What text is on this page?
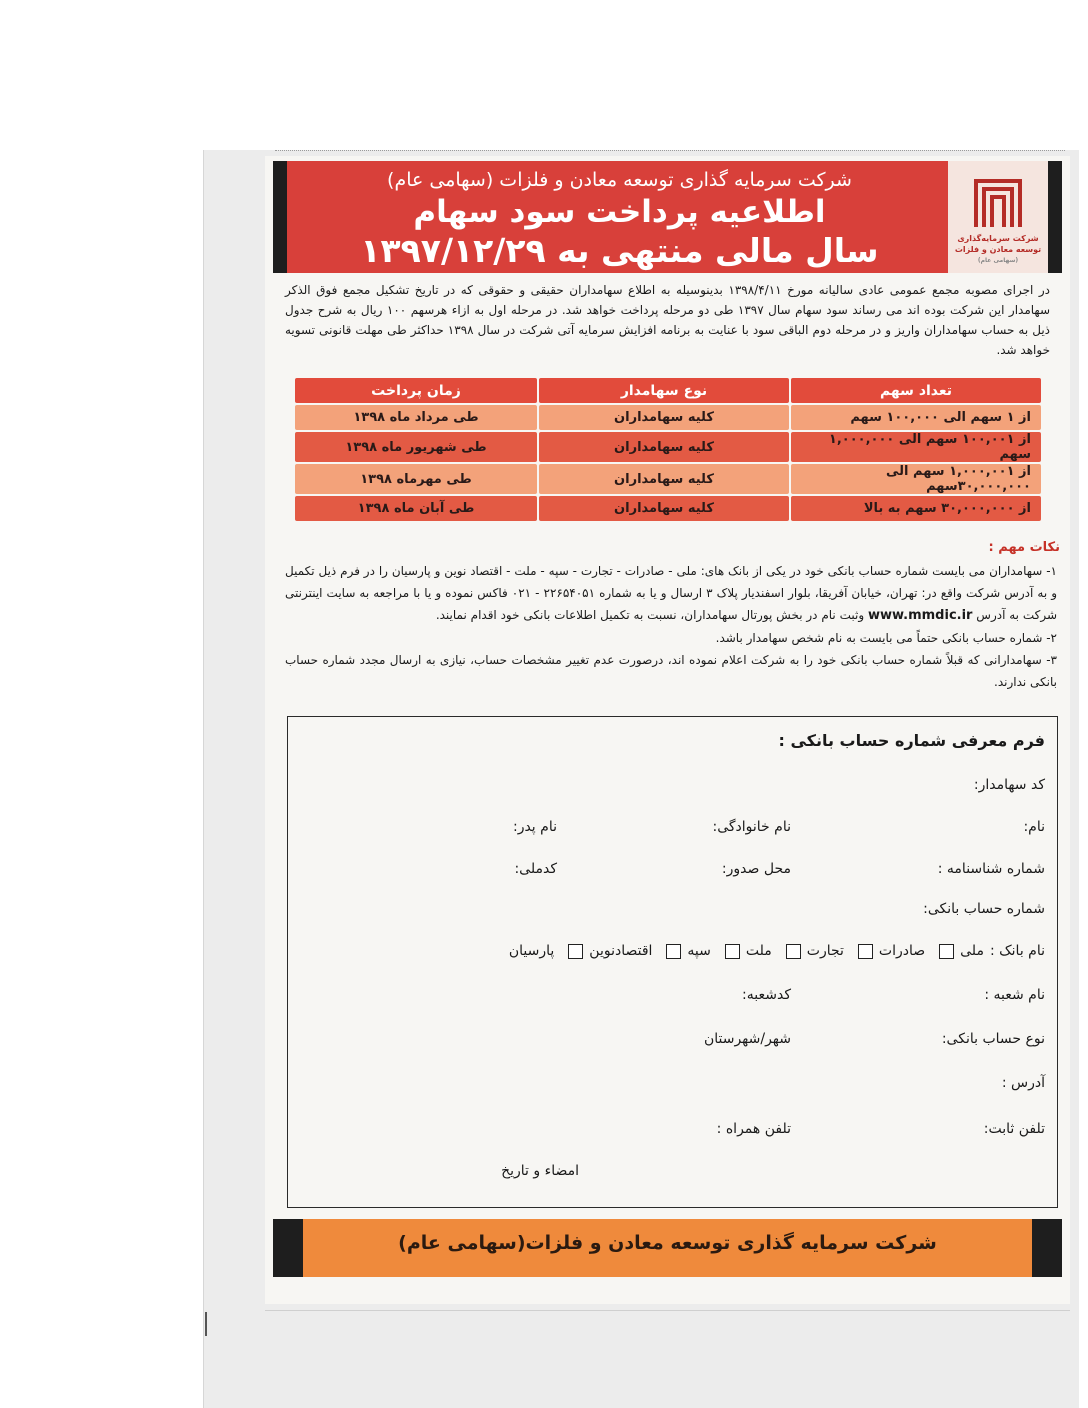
شرکت سرمایه‌گذاری
توسعه معادن و فلزات
(سهامی عام)
شرکت سرمایه گذاری توسعه معادن و فلزات (سهامی عام)
اطلاعیه پرداخت سود سهام
سال مالی منتهی به ۱۳۹۷/۱۲/۲۹
در اجرای مصوبه مجمع عمومی عادی سالیانه مورخ ۱۳۹۸/۴/۱۱ بدینوسیله به اطلاع سهامداران حقیقی و حقوقی که در تاریخ تشکیل مجمع فوق الذکر سهامدار این شرکت بوده اند می رساند سود سهام سال ۱۳۹۷ طی دو مرحله پرداخت خواهد شد. در مرحله اول به ازاء هرسهم ۱۰۰ ریال به شرح جدول ذیل به حساب سهامداران واریز و در مرحله دوم الباقی سود با عنایت به برنامه افزایش سرمایه آتی شرکت در سال ۱۳۹۸ حداکثر طی مهلت قانونی تسویه خواهد شد.
تعداد سهم	نوع سهامدار	زمان پرداخت
از ۱ سهم الی ۱۰۰,۰۰۰ سهم	کلیه سهامداران	طی مرداد ماه ۱۳۹۸
از ۱۰۰,۰۰۱ سهم الی ۱,۰۰۰,۰۰۰ سهم	کلیه سهامداران	طی شهریور ماه ۱۳۹۸
از ۱,۰۰۰,۰۰۱ سهم الی ۳۰,۰۰۰,۰۰۰سهم	کلیه سهامداران	طی مهرماه ۱۳۹۸
از ۳۰,۰۰۰,۰۰۰ سهم به بالا	کلیه سهامداران	طی آبان ماه ۱۳۹۸
نکات مهم :

۱- سهامداران می بایست شماره حساب بانکی خود در یکی از بانک های: ملی - صادرات - تجارت - سپه - ملت - اقتصاد نوین و پارسیان را در فرم ذیل تکمیل و به آدرس شرکت واقع در: تهران، خیابان آفریقا، بلوار اسفندیار پلاک ۳ ارسال و یا به شماره ۲۲۶۵۴۰۵۱ - ۰۲۱ فاکس نموده و یا با مراجعه به سایت اینترنتی شرکت به آدرس www.mmdic.ir وثبت نام در بخش پورتال سهامداران، نسبت به تکمیل اطلاعات بانکی خود اقدام نمایند.

۲- شماره حساب بانکی حتماً می بایست به نام شخص سهامدار باشد.

۳- سهامدارانی که قبلاً شماره حساب بانکی خود را به شرکت اعلام نموده اند، درصورت عدم تغییر مشخصات حساب، نیازی به ارسال مجدد شماره حساب بانکی ندارند.

فرم معرفی شماره حساب بانکی :
کد سهامدار:
نام:
نام خانوادگی:
نام پدر:
شماره شناسنامه :
محل صدور:
کدملی:
شماره حساب بانکی:
نام بانک :
ملی
صادرات
تجارت
ملت
سپه
اقتصادنوین
پارسیان
نام شعبه :
کدشعبه:
نوع حساب بانکی:
شهر/شهرستان
آدرس :
تلفن ثابت:
تلفن همراه :
امضاء و تاریخ
شرکت سرمایه گذاری توسعه معادن و فلزات(سهامی عام)
